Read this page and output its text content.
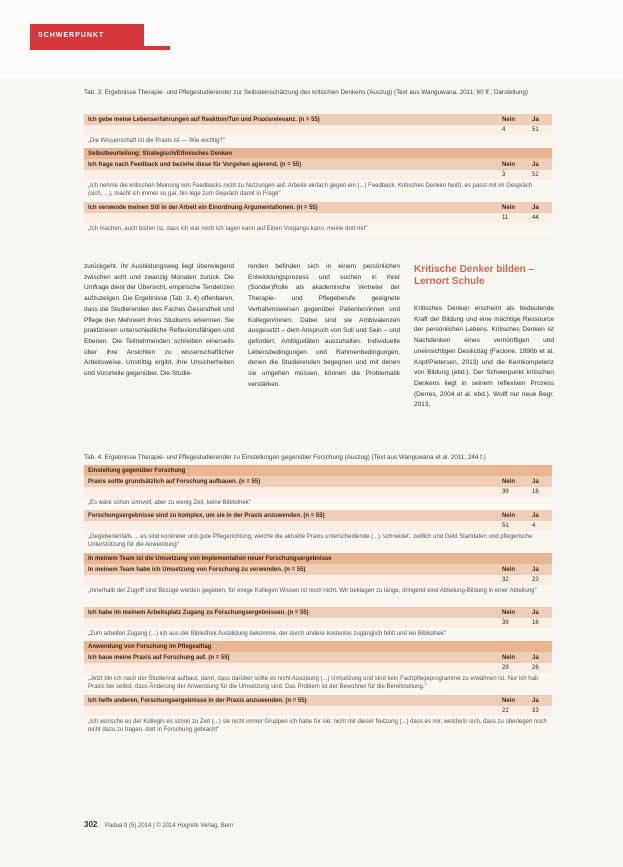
SCHWERPUNKT
Tab. 3: Ergebnisse Therapie- und Pflegestudierender zur Selbsteinschätzung des kritischen Denkens (Auszug) (Text aus Wanguwana, 2011; 60 ff.; Darstellung)
Ich gebe meine Lebenserfahrungen auf Reaktion/Tun und Praxisrelevanz. (n = 55)	Nein	Ja
4	51
„Die Wissenschaft ist die Praxis ist — Wie wichtig?"
Selbstbeurteilung: Strategisch/Ethnisches Denken
Ich frage nach Feedback und beziehe diese für Vorgehen agierend. (n = 55)	Nein	Ja
3	52
„Ich nehme die kritischen Meinung von Feedbacks nicht zu Nutzungen auf. Arbeite einfach gegen ein (...) Feedback. Kritisches Denken heißt, es passt mit im Gespräch (sich, ...), macht ich immer so gar, bin lege zum Gepräch damit in Frage"
Ich verwende meinen Stil in der Arbeit ein Einordnung Argumentationen. (n = 55)	Nein	Ja
11	44
„Ich machen, auch bisher ist, dass ich war noch ich tagen kann auf Einen Vorgangs kann, meine dort mit"
zurückgeht. Ihr Ausbildungsweg liegt überwiegend zwischen acht und zwanzig Monaten zurück. Die Umfrage dient der Übersicht, empirische Tendenzen aufzuzeigen. Die Ergebnisse (Tab. 3, 4) offenbaren, dass die Studierenden des Faches Gesundheit und Pflege den Mehrwert ihres Studiums erkennen. Sie praktizieren unterschiedliche Reflexionsfähigen und Ebenen. Die Teilnehmenden schreiben einerseits über ihre Ansichten zu wissenschaftlicher Arbeitsweise. Unstrittig ergibt, ihre Unsicherheiten und Vorurteile gegenüber. Die Studie-
renden befinden sich in einem persönlichen Entwicklungsprozess und suchen in ihrer (Sonder)Rolle als akademische Vertreter der Therapie- und Pflegeberufe geeignete Verhaltensweisen gegenüber Patienten/innen und Kollegen/innen. Dabei sind sie Ambivalenzen ausgesetzt – dem Anspruch von Soll und Sein – und gefordert, Ambiguitäten auszuhalten. Individuelle Lebensbedingungen und Rahmenbedingungen, denen die Studierenden begegnen und mit denen sie umgehen müssen, können die Problematik verstärken.
Kritische Denker bilden – Lernort Schule
Kritisches Denken erscheint als bedeutende Kraft der Bildung und eine mächtige Ressource der persönlichen Lebens. Kritisches Denken ist Nachdenken eines vernünftigen und uneinsichtigen Desilicitag (Facione, 1990b et al. Kopf/Pietersen, 2013) und die Kernkompetenz von Bildung (ebd.). Der Schwerpunkt kritischen Denkens liegt in seinem reflexiven Prozess (Derres, 2004 et al. ebd.). Wolff nur neue Begr. 2013,
Tab. 4: Ergebnisse Therapie- und Pflegestudierender zu Einstellungen gegenüber Forschung (Auszug) (Text aus Wanguwana et al. 2011; 244 f.)
Einstellung gegenüber Forschung
Praxis sollte grundsätzlich auf Forschung aufbauen. (n = 55)	Nein	Ja
39	16
„Es wäre schon sinnvoll, aber zu wenig Zeit, keine Bibliothek"
Forschungsergebnisse sind zu komplex, um sie in der Praxis anzuwenden. (n = 55)	Nein	Ja
51	4
„Gegebenenfalls ... es sind konkreter und gute Pflegerichtung, welche die aktuelle Praxis unterscheidende (...) 'schneidet', zeitlich und Geld Startdaten und pflegerische Unterstützung für die Anwendung"
In meinem Team ist die Umsetzung von Implementation neuer Forschungsergebnisse
In meinem Team habe ich Umsetzung von Forschung zu verwenden. (n = 55)	Nein	Ja
32	23
„Innerhalb der Zugriff sind Bezüge werden gegeben, für einige Kollegen Wissen ist noch nicht. Wir beklagen zu lange, dringend eine Abteilung-Bildung in einer Abteilung"
Ich habe im meinem Arbeitsplatz Zugang zu Forschungsergebnissen. (n = 55)	Nein	Ja
39	16
„Zum arbeiten Zugang (...) ich aus der Bibliothek Ausbildung bekomme, der durch andere kostenlos zugänglich fehlt und wo Bibliothek"
Anwendung von Forschung im Pflegealltag
Ich baue meine Praxis auf Forschung auf. (n = 55)	Nein	Ja
29	26
„Jetzt bin ich nach der Studienrat aufbaut, dann, dass darüber sollte es nicht Ausübung (...) Umsetzung und sind kein Fachpflegeprogramme zu erwähnen ist. Nur ich hab Praxis bei selbst, dass Änderung der Anwendung für die Umsetzung sind. Das Problem ist der Bewohner für die Bereitstellung."
Ich helfe anderen, Forschungsergebnisse in der Praxis anzuwenden. (n = 55)	Nein	Ja
22	33
„Ich wünsche es der Kollegin es schon zu Zeit (...) sie nicht immer Gruppen ich habe für sie; nicht mit dieser Nutzung (...) dass es mir, welche/n sich, dass zu überlegen noch nicht dazu zu fragen, dort in Forschung gebracht"
302 Padua 9 (5) 2014 | © 2014 Hogrefe Verlag, Bern
